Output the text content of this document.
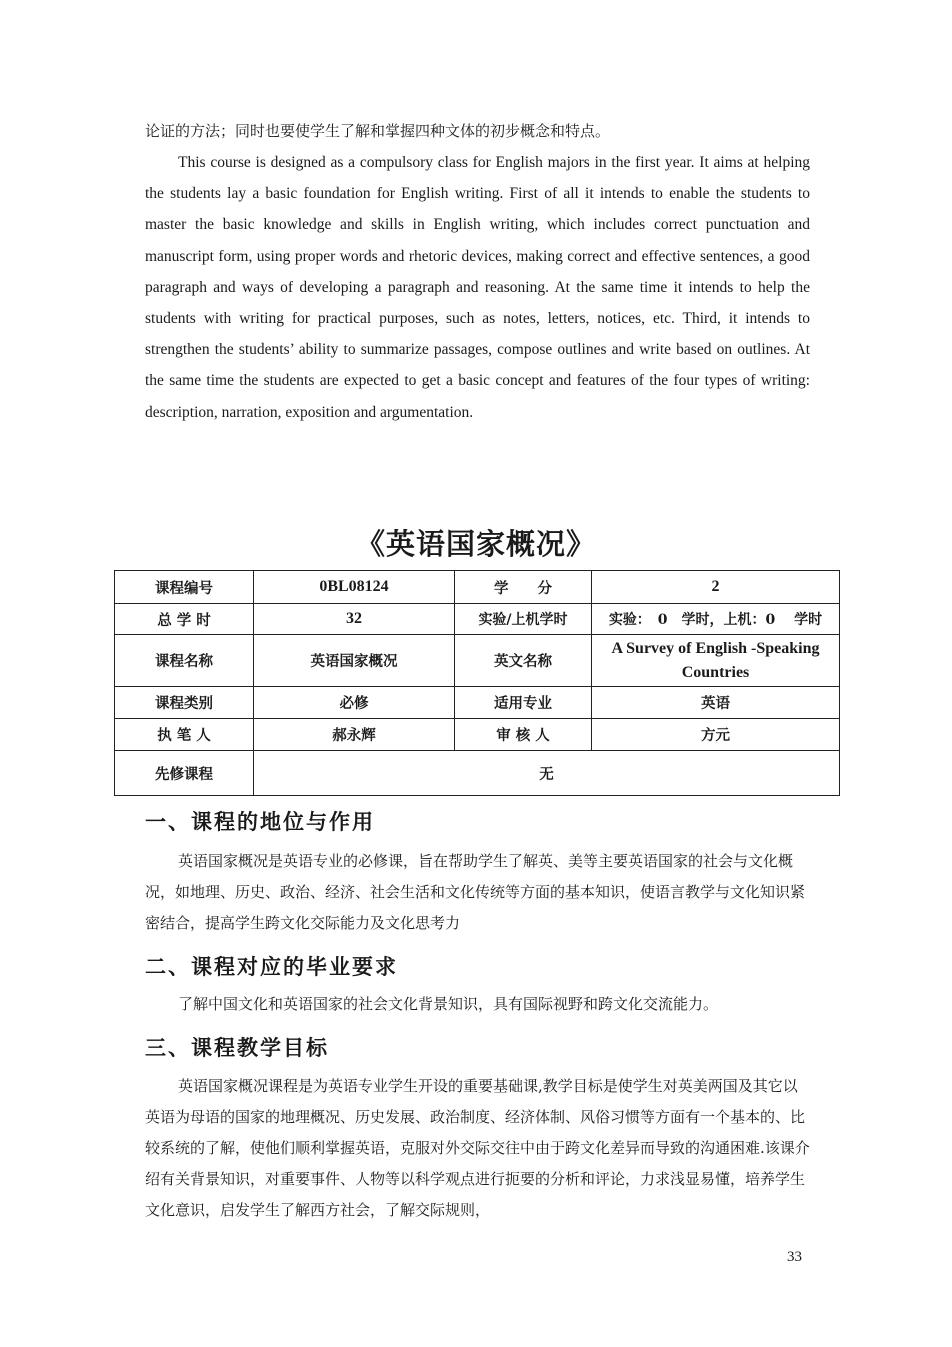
论证的方法；同时也要使学生了解和掌握四种文体的初步概念和特点。

This course is designed as a compulsory class for English majors in the first year. It aims at helping the students lay a basic foundation for English writing. First of all it intends to enable the students to master the basic knowledge and skills in English writing, which includes correct punctuation and manuscript form, using proper words and rhetoric devices, making correct and effective sentences, a good paragraph and ways of developing a paragraph and reasoning. At the same time it intends to help the students with writing for practical purposes, such as notes, letters, notices, etc. Third, it intends to strengthen the students’ ability to summarize passages, compose outlines and write based on outlines. At the same time the students are expected to get a basic concept and features of the four types of writing: description, narration, exposition and argumentation.

《英语国家概况》
课程编号	0BL08124	学　　分	2
总 学 时	32	实验/上机学时	实验：　0　学时，上机：0　 学时
课程名称	英语国家概况	英文名称	A Survey of English -Speaking Countries
课程类别	必修	适用专业	英语
执 笔 人	郝永辉	审 核 人	方元
先修课程	无		
一、课程的地位与作用

英语国家概况是英语专业的必修课，旨在帮助学生了解英、美等主要英语国家的社会与文化概况，如地理、历史、政治、经济、社会生活和文化传统等方面的基本知识，使语言教学与文化知识紧密结合，提高学生跨文化交际能力及文化思考力

二、课程对应的毕业要求

了解中国文化和英语国家的社会文化背景知识，具有国际视野和跨文化交流能力。

三、课程教学目标

英语国家概况课程是为英语专业学生开设的重要基础课,教学目标是使学生对英美两国及其它以英语为母语的国家的地理概况、历史发展、政治制度、经济体制、风俗习惯等方面有一个基本的、比较系统的了解，使他们顺利掌握英语，克服对外交际交往中由于跨文化差异而导致的沟通困难.该课介绍有关背景知识，对重要事件、人物等以科学观点进行扼要的分析和评论，力求浅显易懂，培养学生文化意识，启发学生了解西方社会，了解交际规则，

33
